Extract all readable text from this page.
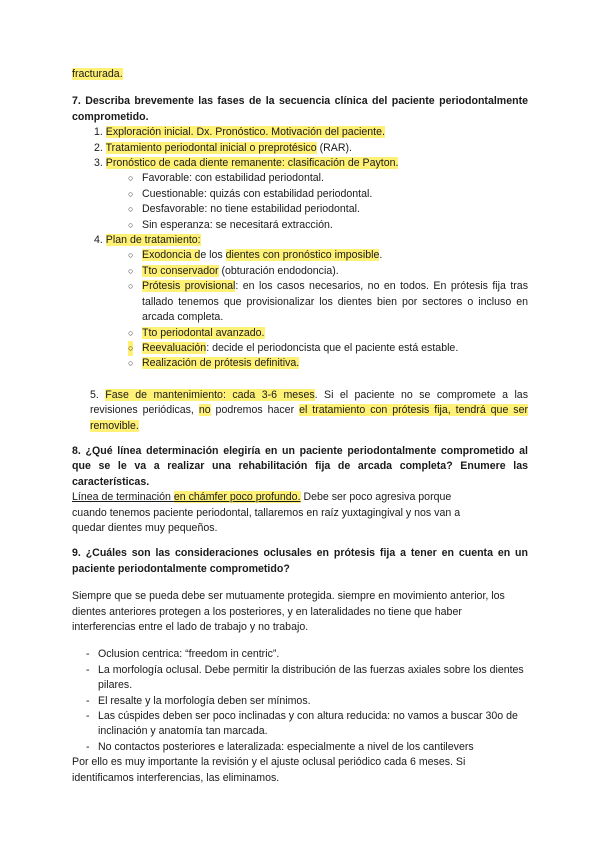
fracturada.

7. Describa brevemente las fases de la secuencia clínica del paciente periodontalmente comprometido.

1. Exploración inicial. Dx. Pronóstico. Motivación del paciente.
2. Tratamiento periodontal inicial o preprotésico (RAR).
3. Pronóstico de cada diente remanente: clasificación de Payton.
○ Favorable: con estabilidad periodontal.
○ Cuestionable: quizás con estabilidad periodontal.
○ Desfavorable: no tiene estabilidad periodontal.
○ Sin esperanza: se necesitará extracción.
4. Plan de tratamiento:
○ Exodoncia de los dientes con pronóstico imposible.
○ Tto conservador (obturación endodoncia).
○ Prótesis provisional: en los casos necesarios, no en todos. En prótesis fija tras tallado tenemos que provisionalizar los dientes bien por sectores o incluso en arcada completa.
○ Tto periodontal avanzado.
○ Reevaluación: decide el periodoncista que el paciente está estable.
○ Realización de prótesis definitiva.

5. Fase de mantenimiento: cada 3-6 meses. Si el paciente no se compromete a las revisiones periódicas, no podremos hacer el tratamiento con prótesis fija, tendrá que ser removible.

8. ¿Qué línea determinación elegiría en un paciente periodontalmente comprometido al que se le va a realizar una rehabilitación fija de arcada completa? Enumere las características.

Línea de terminación en chámfer poco profundo. Debe ser poco agresiva porque
cuando tenemos paciente periodontal, tallaremos en raíz yuxtagingival y nos van a
quedar dientes muy pequeños.

9. ¿Cuáles son las consideraciones oclusales en prótesis fija a tener en cuenta en un paciente periodontalmente comprometido?

Siempre que se pueda debe ser mutuamente protegida. siempre en movimiento anterior, los dientes anteriores protegen a los posteriores, y en lateralidades no tiene que haber interferencias entre el lado de trabajo y no trabajo.

- Oclusion centrica: “freedom in centric”.
- La morfología oclusal. Debe permitir la distribución de las fuerzas axiales sobre los dientes pilares.
- El resalte y la morfología deben ser mínimos.
- Las cúspides deben ser poco inclinadas y con altura reducida: no vamos a buscar 30o de inclinación y anatomía tan marcada.
- No contactos posteriores e lateralizada: especialmente a nivel de los cantilevers

Por ello es muy importante la revisión y el ajuste oclusal periódico cada 6 meses. Si identificamos interferencias, las eliminamos.
